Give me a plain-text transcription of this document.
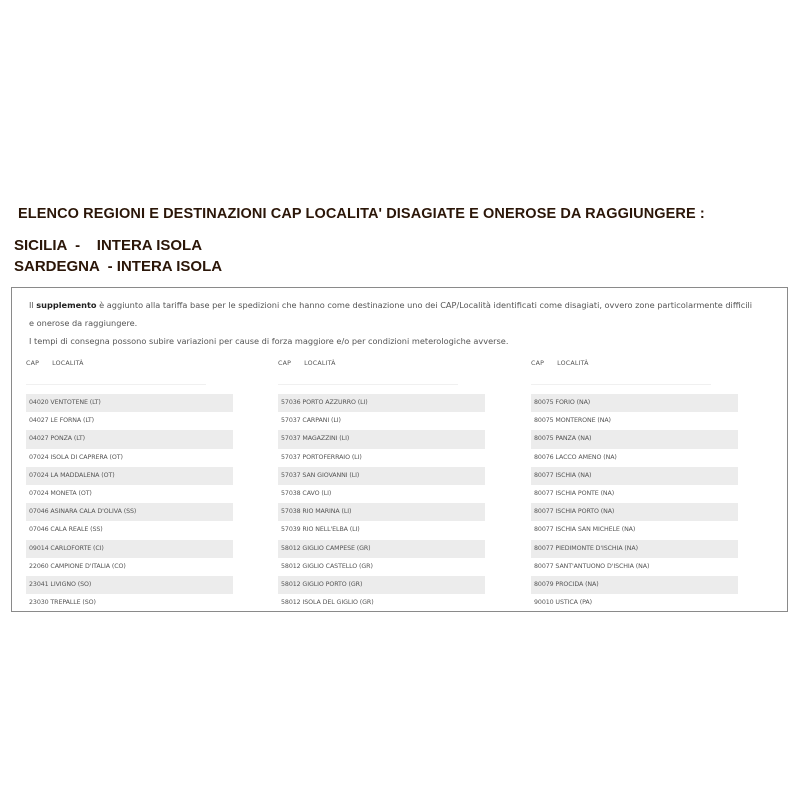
ELENCO REGIONI E DESTINAZIONI CAP LOCALITA' DISAGIATE E ONEROSE DA RAGGIUNGERE :
SICILIA  -    INTERA ISOLA
SARDEGNA  - INTERA ISOLA

Il supplemento è aggiunto alla tariffa base per le spedizioni che hanno come destinazione uno dei CAP/Località identificati come disagiati, ovvero zone particolarmente difficili

e onerose da raggiungere.

I tempi di consegna possono subire variazioni per cause di forza maggiore e/o per condizioni meterologiche avverse.

CAP LOCALITÀ
04020 VENTOTENE (LT)
04027 LE FORNA (LT)
04027 PONZA (LT)
07024 ISOLA DI CAPRERA (OT)
07024 LA MADDALENA (OT)
07024 MONETA (OT)
07046 ASINARA CALA D'OLIVA (SS)
07046 CALA REALE (SS)
09014 CARLOFORTE (CI)
22060 CAMPIONE D'ITALIA (CO)
23041 LIVIGNO (SO)
23030 TREPALLE (SO)
CAP LOCALITÀ
57036 PORTO AZZURRO (LI)
57037 CARPANI (LI)
57037 MAGAZZINI (LI)
57037 PORTOFERRAIO (LI)
57037 SAN GIOVANNI (LI)
57038 CAVO (LI)
57038 RIO MARINA (LI)
57039 RIO NELL'ELBA (LI)
58012 GIGLIO CAMPESE (GR)
58012 GIGLIO CASTELLO (GR)
58012 GIGLIO PORTO (GR)
58012 ISOLA DEL GIGLIO (GR)
CAP LOCALITÀ
80075 FORIO (NA)
80075 MONTERONE (NA)
80075 PANZA (NA)
80076 LACCO AMENO (NA)
80077 ISCHIA (NA)
80077 ISCHIA PONTE (NA)
80077 ISCHIA PORTO (NA)
80077 ISCHIA SAN MICHELE (NA)
80077 PIEDIMONTE D'ISCHIA (NA)
80077 SANT'ANTUONO D'ISCHIA (NA)
80079 PROCIDA (NA)
90010 USTICA (PA)
